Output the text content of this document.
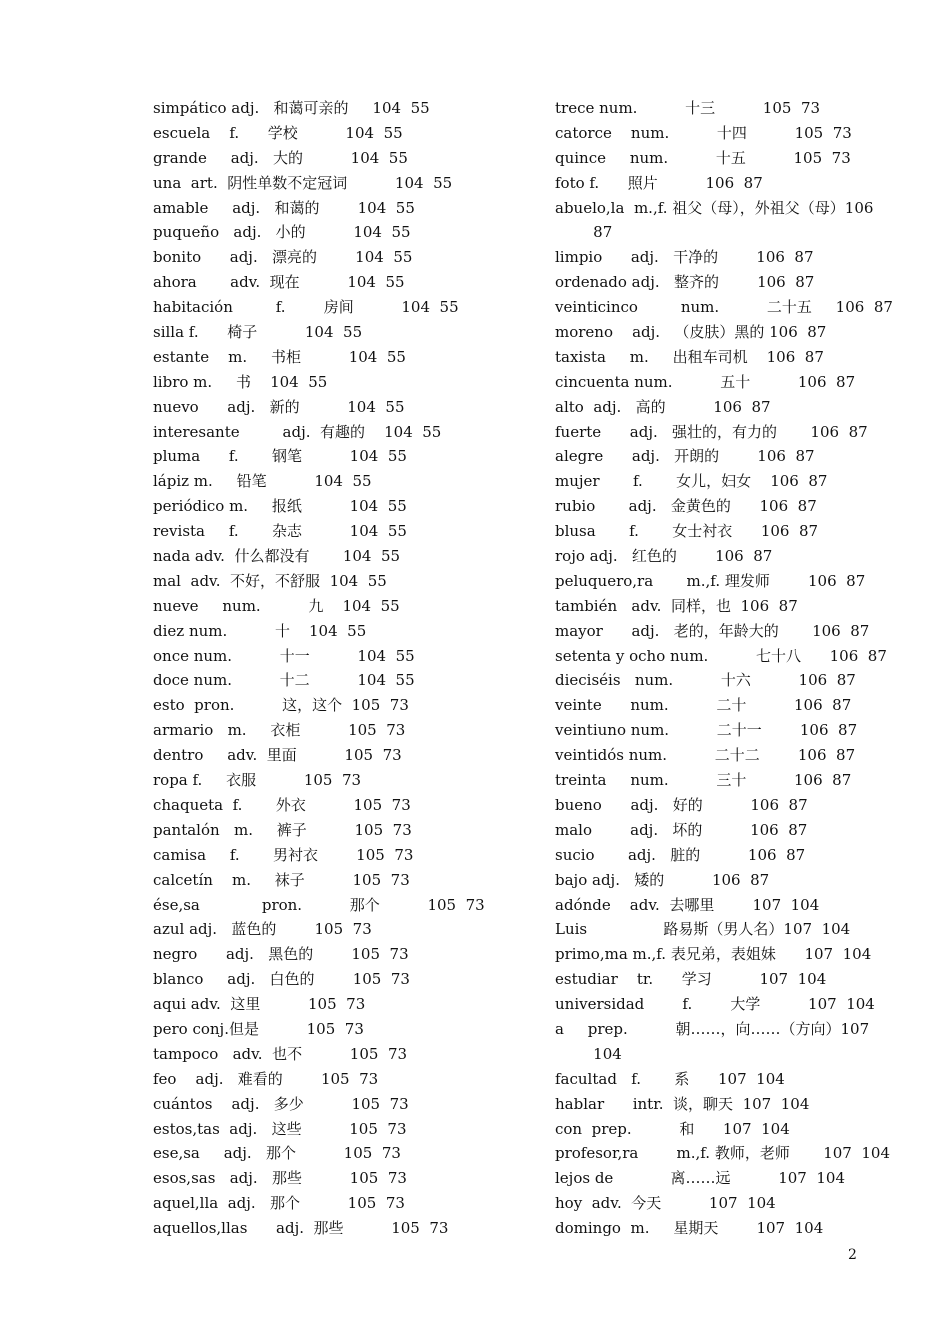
simpático adj.   和蔼可亲的     104  55
escuela    f.      学校          104  55
grande     adj.   大的          104  55
una  art.  阴性单数不定冠词          104  55
amable     adj.   和蔼的        104  55
puqueño   adj.   小的          104  55
bonito      adj.   漂亮的        104  55
ahora       adv.  现在          104  55
habitación         f.        房间          104  55
silla f.      椅子          104  55
estante    m.     书柜          104  55
libro m.     书    104  55
nuevo      adj.   新的          104  55
interesante         adj.  有趣的    104  55
pluma      f.       钢笔          104  55
lápiz m.     铅笔          104  55
periódico m.     报纸          104  55
revista     f.       杂志          104  55
nada adv.  什么都没有       104  55
mal  adv.  不好，不舒服  104  55
nueve     num.          九    104  55
diez num.          十    104  55
once num.          十一          104  55
doce num.          十二          104  55
esto  pron.          这，这个  105  73
armario   m.     衣柜          105  73
dentro     adv.  里面          105  73
ropa f.     衣服          105  73
chaqueta  f.       外衣          105  73
pantalón   m.     裤子          105  73
camisa     f.       男衬衣        105  73
calcetín    m.     袜子          105  73
ése,sa             pron.          那个          105  73
azul adj.   蓝色的        105  73
negro      adj.   黑色的        105  73
blanco     adj.   白色的        105  73
aqui adv.  这里          105  73
pero conj.但是          105  73
tampoco   adv.  也不          105  73
feo    adj.   难看的        105  73
cuántos    adj.   多少          105  73
estos,tas  adj.   这些          105  73
ese,sa     adj.   那个          105  73
esos,sas   adj.   那些          105  73
aquel,lla  adj.   那个          105  73
aquellos,llas      adj.  那些          105  73
trece num.          十三          105  73
catorce    num.          十四          105  73
quince     num.          十五          105  73
foto f.      照片          106  87
abuelo,la  m.,f. 祖父（母），外祖父（母）106
87
limpio      adj.   干净的        106  87
ordenado adj.   整齐的        106  87
veinticinco         num.          二十五     106  87
moreno    adj.   （皮肤）黑的 106  87
taxista     m.     出租车司机    106  87
cincuenta num.          五十          106  87
alto  adj.   高的          106  87
fuerte      adj.   强壮的，有力的       106  87
alegre      adj.   开朗的        106  87
mujer       f.       女儿，妇女    106  87
rubio       adj.   金黄色的      106  87
blusa       f.       女士衬衣      106  87
rojo adj.   红色的        106  87
peluquero,ra       m.,f. 理发师        106  87
también   adv.  同样，也  106  87
mayor      adj.   老的，年龄大的       106  87
setenta y ocho num.          七十八      106  87
dieciséis   num.          十六          106  87
veinte      num.          二十          106  87
veintiuno num.          二十一        106  87
veintidós num.          二十二        106  87
treinta     num.          三十          106  87
bueno      adj.   好的          106  87
malo        adj.   坏的          106  87
sucio       adj.   脏的          106  87
bajo adj.   矮的          106  87
adónde    adv.  去哪里        107  104
Luis                路易斯（男人名）107  104
primo,ma m.,f. 表兄弟，表姐妹      107  104
estudiar    tr.      学习          107  104
universidad        f.        大学          107  104
a     prep.          朝……，向……（方向）107
104
facultad   f.       系      107  104
hablar      intr.  谈，聊天  107  104
con  prep.          和      107  104
profesor,ra        m.,f. 教师，老师       107  104
lejos de            离……远          107  104
hoy  adv.  今天          107  104
domingo  m.     星期天        107  104
2
